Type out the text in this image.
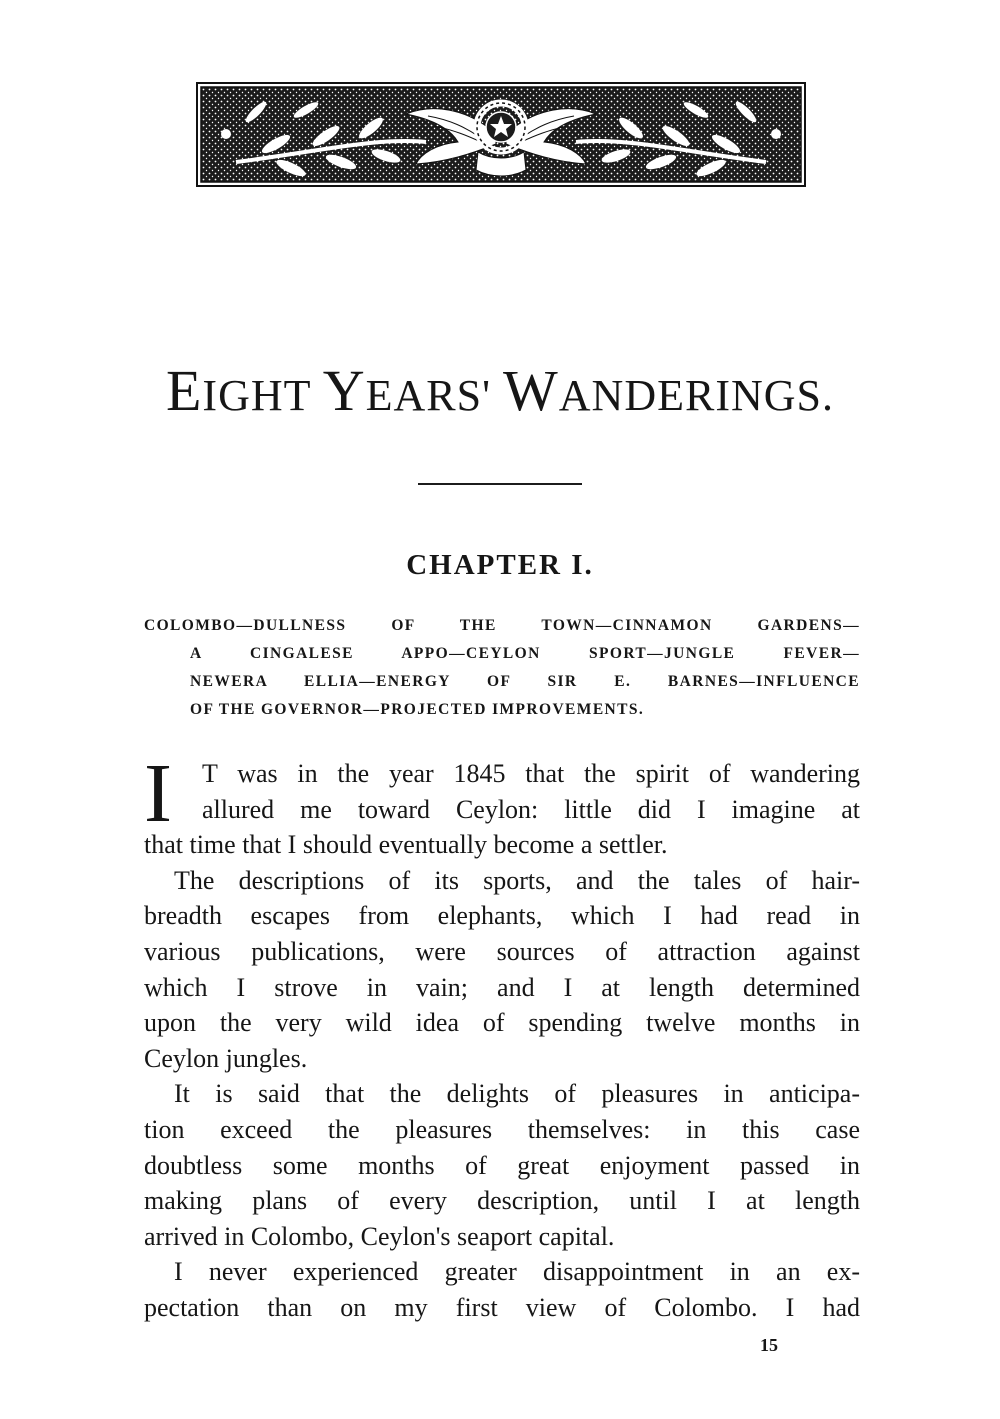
EIGHT YEARS' WANDERINGS.
CHAPTER I.

COLOMBO—DULLNESS OF THE TOWN—CINNAMON GARDENS—
A CINGALESE APPO—CEYLON SPORT—JUNGLE FEVER—
NEWERA ELLIA—ENERGY OF SIR E. BARNES—INFLUENCE
OF THE GOVERNOR—PROJECTED IMPROVEMENTS.

I	T was in the year 1845 that the spirit of wandering
allured me toward Ceylon: little did I imagine at
that time that I should eventually become a settler.
The descriptions of its sports, and the tales of hair-
breadth escapes from elephants, which I had read in
various publications, were sources of attraction against
which I strove in vain; and I at length determined
upon the very wild idea of spending twelve months in
Ceylon jungles.
It is said that the delights of pleasures in anticipa-
tion exceed the pleasures themselves: in this case
doubtless some months of great enjoyment passed in
making plans of every description, until I at length
arrived in Colombo, Ceylon's seaport capital.
I never experienced greater disappointment in an ex-
pectation than on my first view of Colombo. I had
15
